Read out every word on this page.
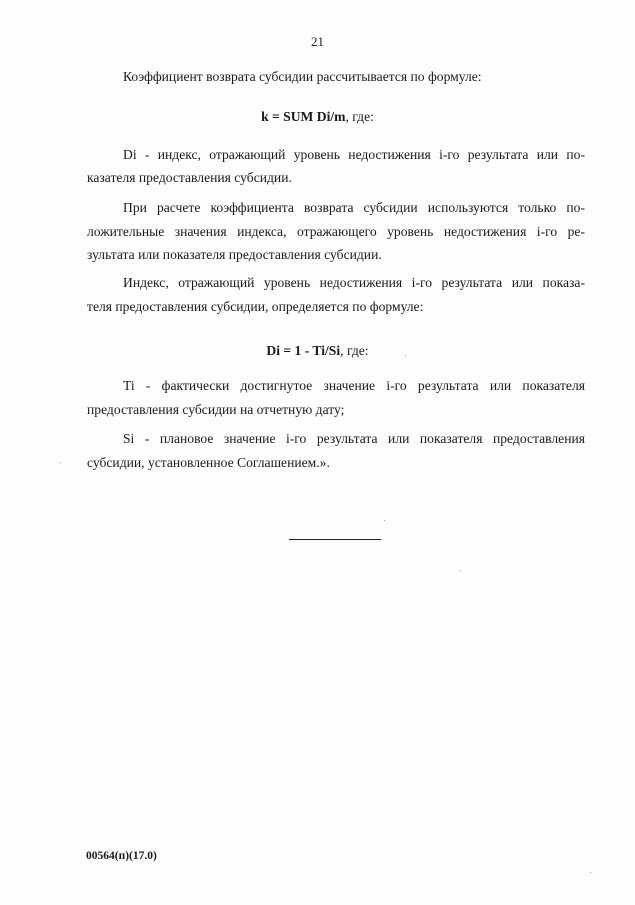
21
Коэффициент возврата субсидии рассчитывается по формуле:
k = SUM Di/m, где:
Di - индекс, отражающий уровень недостижения i-го результата или по-
казателя предоставления субсидии.
При расчете коэффициента возврата субсидии используются только по-
ложительные значения индекса, отражающего уровень недостижения i-го ре-
зультата или показателя предоставления субсидии.
Индекс, отражающий уровень недостижения i-го результата или показа-
теля предоставления субсидии, определяется по формуле:
Di = 1 - Ti/Si, где:
Ti - фактически достигнутое значение i-го результата или показателя
предоставления субсидии на отчетную дату;
Si - плановое значение i-го результата или показателя предоставления
субсидии, установленное Соглашением.».
00564(п)(17.0)
